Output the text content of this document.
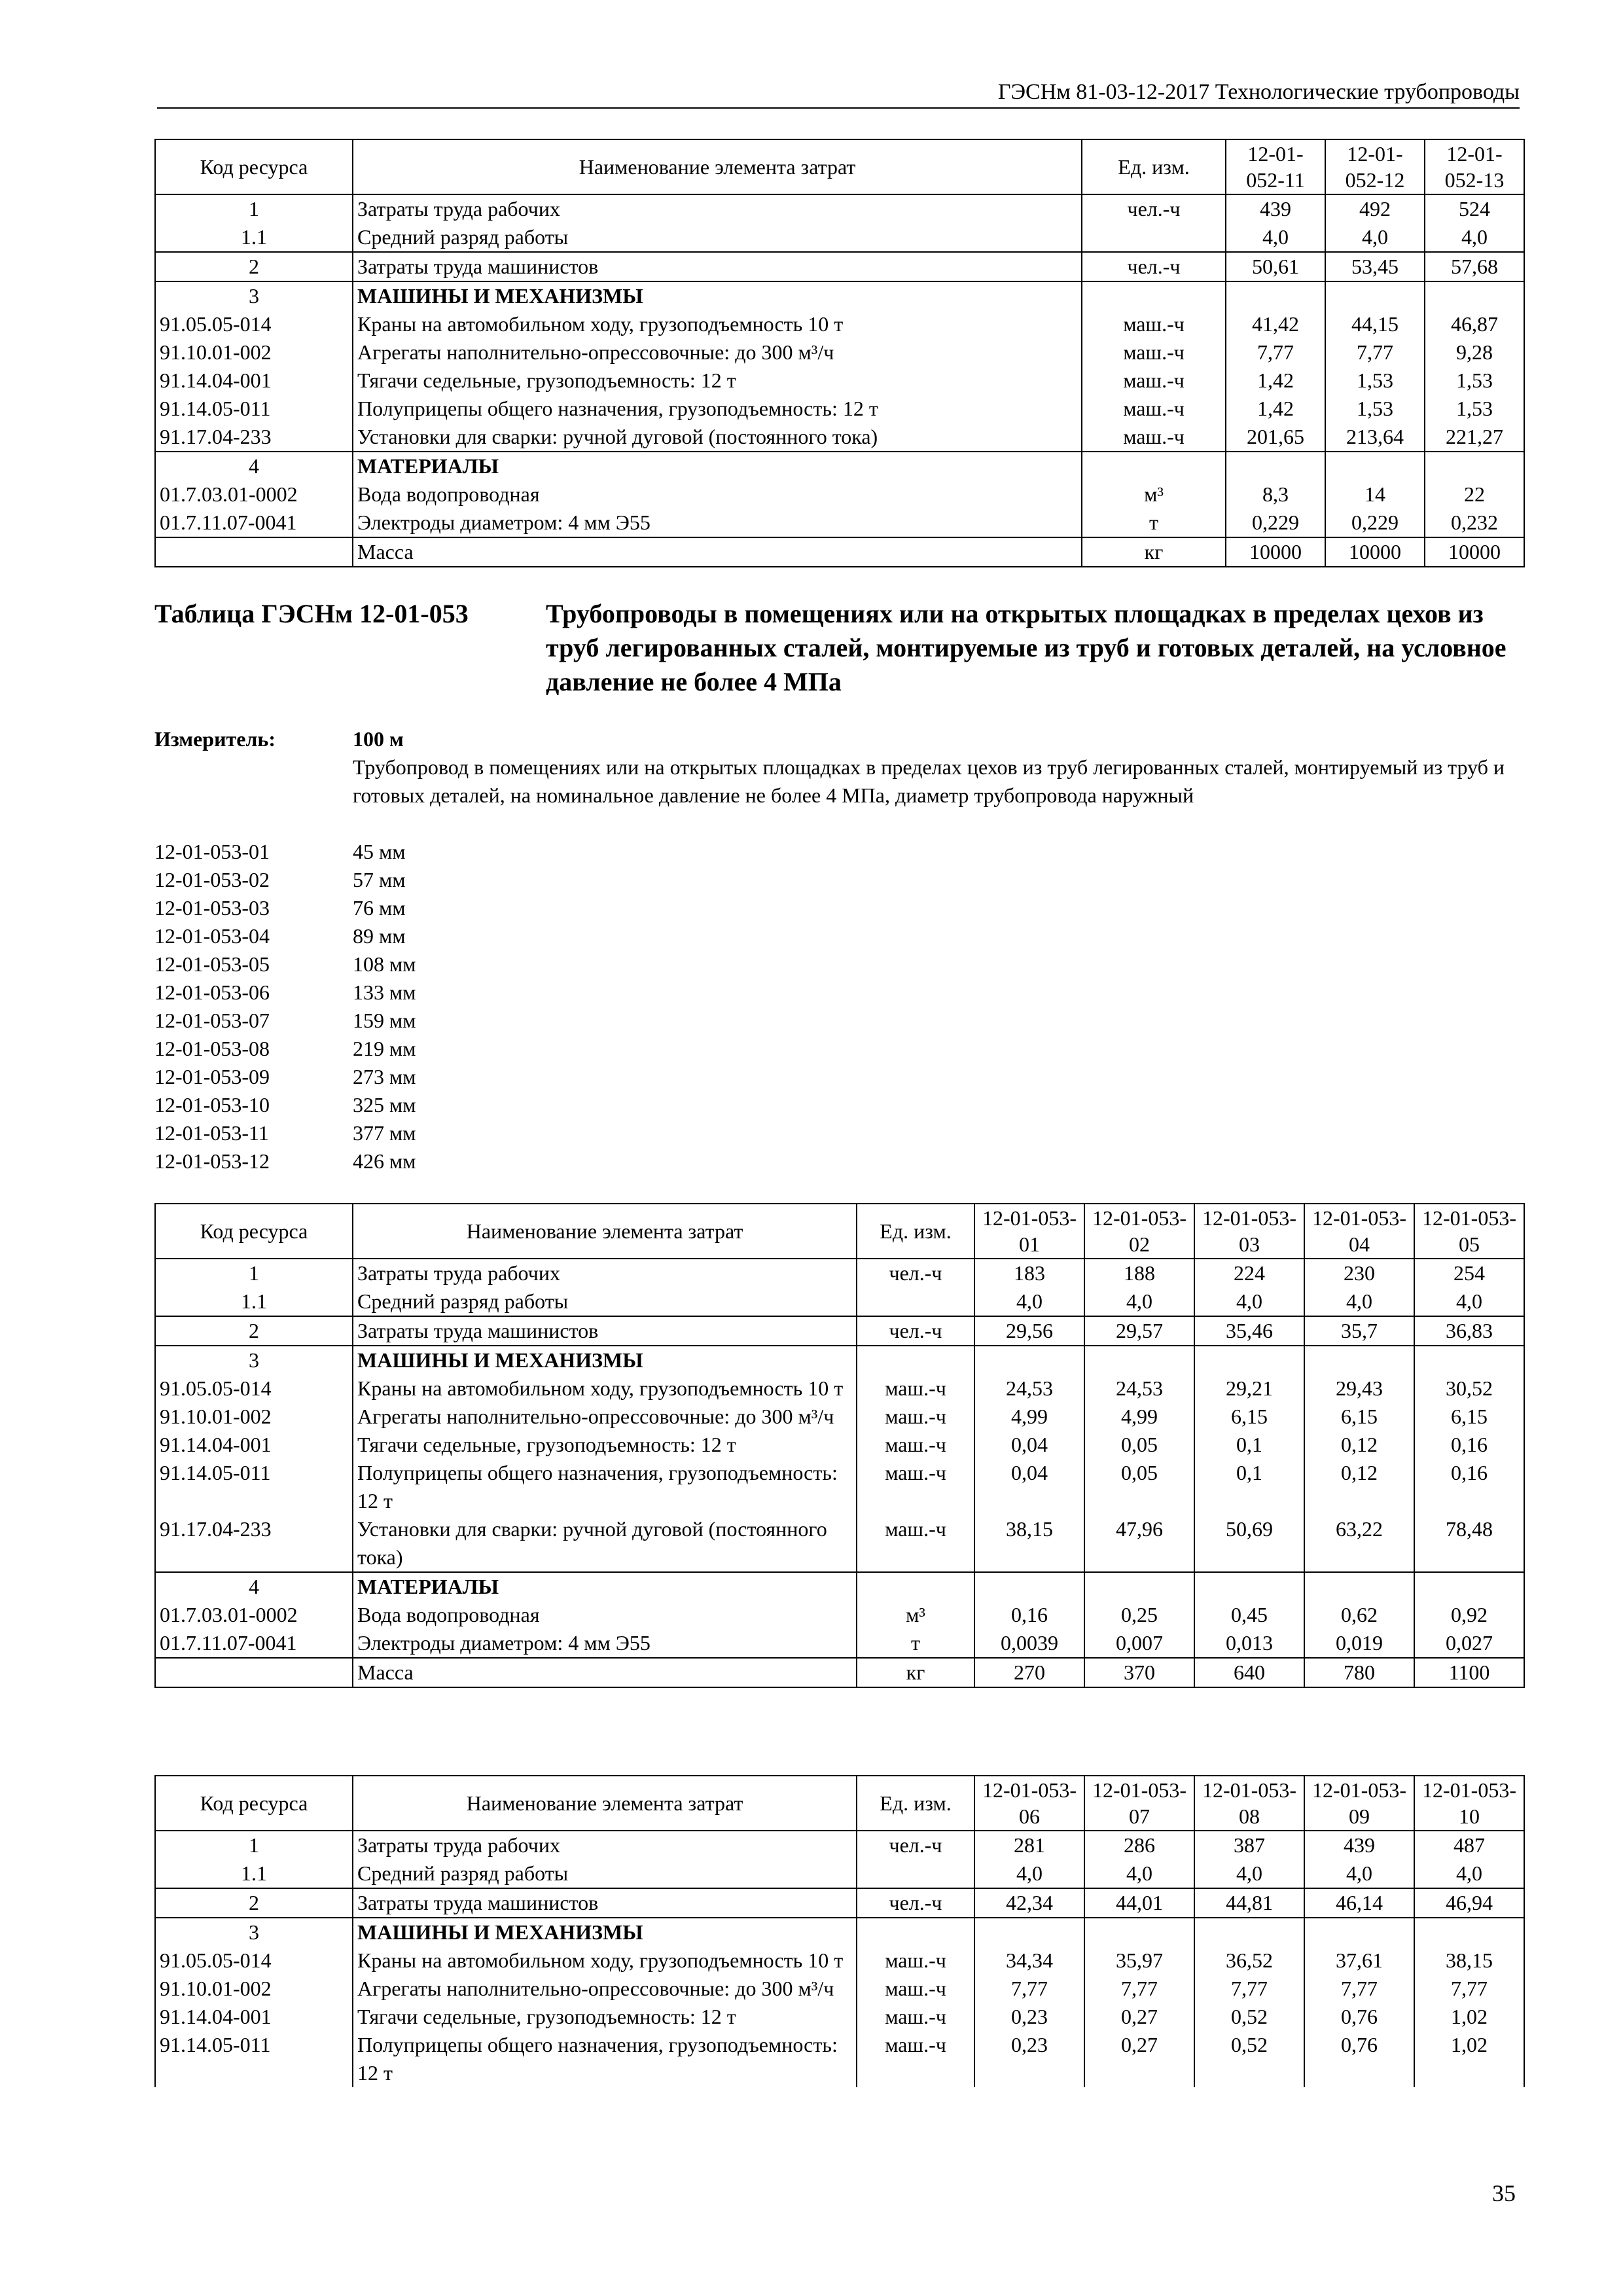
ГЭСНм 81-03-12-2017 Технологические трубопроводы
Код ресурса	Наименование элемента затрат	Ед. изм.	12-01-052-11	12-01-052-12	12-01-052-13
1	Затраты труда рабочих	чел.-ч	439	492	524
1.1	Средний разряд работы		4,0	4,0	4,0
2	Затраты труда машинистов	чел.-ч	50,61	53,45	57,68
3	МАШИНЫ И МЕХАНИЗМЫ				
91.05.05-014	Краны на автомобильном ходу, грузоподъемность 10 т	маш.-ч	41,42	44,15	46,87
91.10.01-002	Агрегаты наполнительно-опрессовочные: до 300 м³/ч	маш.-ч	7,77	7,77	9,28
91.14.04-001	Тягачи седельные, грузоподъемность: 12 т	маш.-ч	1,42	1,53	1,53
91.14.05-011	Полуприцепы общего назначения, грузоподъемность: 12 т	маш.-ч	1,42	1,53	1,53
91.17.04-233	Установки для сварки: ручной дуговой (постоянного тока)	маш.-ч	201,65	213,64	221,27
4	МАТЕРИАЛЫ				
01.7.03.01-0002	Вода водопроводная	м³	8,3	14	22
01.7.11.07-0041	Электроды диаметром: 4 мм Э55	т	0,229	0,229	0,232
	Масса	кг	10000	10000	10000
Таблица ГЭСНм 12-01-053	Трубопроводы в помещениях или на открытых площадках в пределах цехов из труб легированных сталей, монтируемые из труб и готовых деталей, на условное давление не более 4 МПа
Измеритель:	100 м
Трубопровод в помещениях или на открытых площадках в пределах цехов из труб легированных сталей, монтируемый из труб и готовых деталей, на номинальное давление не более 4 МПа, диаметр трубопровода наружный
12-01-053-01	45 мм
12-01-053-02	57 мм
12-01-053-03	76 мм
12-01-053-04	89 мм
12-01-053-05	108 мм
12-01-053-06	133 мм
12-01-053-07	159 мм
12-01-053-08	219 мм
12-01-053-09	273 мм
12-01-053-10	325 мм
12-01-053-11	377 мм
12-01-053-12	426 мм
Код ресурса	Наименование элемента затрат	Ед. изм.	12-01-053-01	12-01-053-02	12-01-053-03	12-01-053-04	12-01-053-05
1	Затраты труда рабочих	чел.-ч	183	188	224	230	254
1.1	Средний разряд работы		4,0	4,0	4,0	4,0	4,0
2	Затраты труда машинистов	чел.-ч	29,56	29,57	35,46	35,7	36,83
3	МАШИНЫ И МЕХАНИЗМЫ						
91.05.05-014	Краны на автомобильном ходу, грузоподъемность 10 т	маш.-ч	24,53	24,53	29,21	29,43	30,52
91.10.01-002	Агрегаты наполнительно-опрессовочные: до 300 м³/ч	маш.-ч	4,99	4,99	6,15	6,15	6,15
91.14.04-001	Тягачи седельные, грузоподъемность: 12 т	маш.-ч	0,04	0,05	0,1	0,12	0,16
91.14.05-011	Полуприцепы общего назначения, грузоподъемность: 12 т	маш.-ч	0,04	0,05	0,1	0,12	0,16
91.17.04-233	Установки для сварки: ручной дуговой (постоянного тока)	маш.-ч	38,15	47,96	50,69	63,22	78,48
4	МАТЕРИАЛЫ						
01.7.03.01-0002	Вода водопроводная	м³	0,16	0,25	0,45	0,62	0,92
01.7.11.07-0041	Электроды диаметром: 4 мм Э55	т	0,0039	0,007	0,013	0,019	0,027
	Масса	кг	270	370	640	780	1100
Код ресурса	Наименование элемента затрат	Ед. изм.	12-01-053-06	12-01-053-07	12-01-053-08	12-01-053-09	12-01-053-10
1	Затраты труда рабочих	чел.-ч	281	286	387	439	487
1.1	Средний разряд работы		4,0	4,0	4,0	4,0	4,0
2	Затраты труда машинистов	чел.-ч	42,34	44,01	44,81	46,14	46,94
3	МАШИНЫ И МЕХАНИЗМЫ						
91.05.05-014	Краны на автомобильном ходу, грузоподъемность 10 т	маш.-ч	34,34	35,97	36,52	37,61	38,15
91.10.01-002	Агрегаты наполнительно-опрессовочные: до 300 м³/ч	маш.-ч	7,77	7,77	7,77	7,77	7,77
91.14.04-001	Тягачи седельные, грузоподъемность: 12 т	маш.-ч	0,23	0,27	0,52	0,76	1,02
91.14.05-011	Полуприцепы общего назначения, грузоподъемность: 12 т	маш.-ч	0,23	0,27	0,52	0,76	1,02
35
